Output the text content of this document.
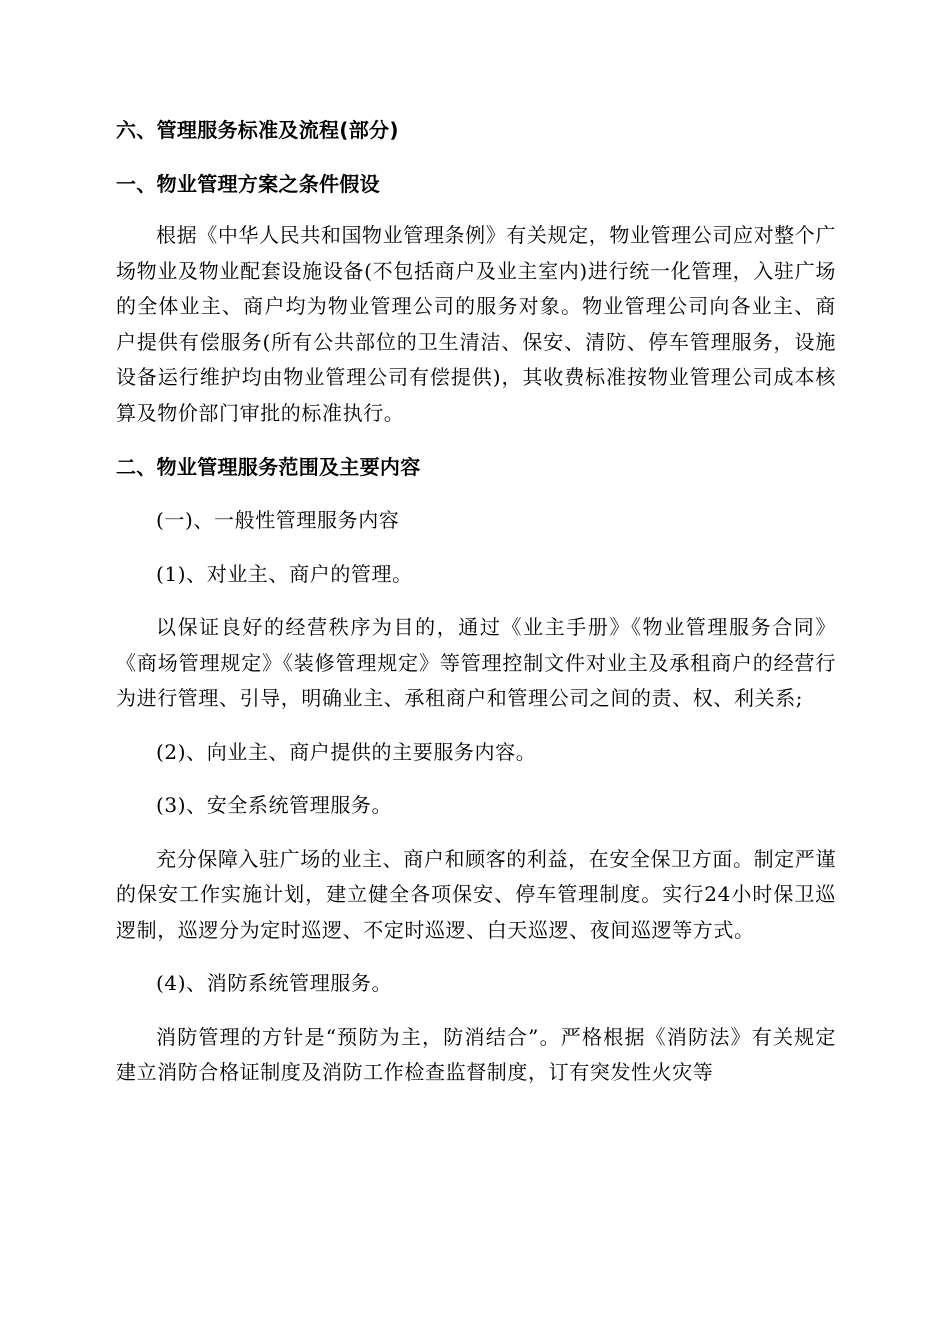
六、管理服务标准及流程(部分)

一、物业管理方案之条件假设

根据《中华人民共和国物业管理条例》有关规定，物业管理公司应对整个广场物业及物业配套设施设备(不包括商户及业主室内)进行统一化管理，入驻广场的全体业主、商户均为物业管理公司的服务对象。物业管理公司向各业主、商户提供有偿服务(所有公共部位的卫生清洁、保安、清防、停车管理服务，设施设备运行维护均由物业管理公司有偿提供)，其收费标准按物业管理公司成本核算及物价部门审批的标准执行。

二、物业管理服务范围及主要内容

(一)、一般性管理服务内容

(1)、对业主、商户的管理。

以保证良好的经营秩序为目的，通过《业主手册》《物业管理服务合同》《商场管理规定》《装修管理规定》等管理控制文件对业主及承租商户的经营行为进行管理、引导，明确业主、承租商户和管理公司之间的责、权、利关系;

(2)、向业主、商户提供的主要服务内容。

(3)、安全系统管理服务。

充分保障入驻广场的业主、商户和顾客的利益，在安全保卫方面。制定严谨的保安工作实施计划，建立健全各项保安、停车管理制度。实行24小时保卫巡逻制，巡逻分为定时巡逻、不定时巡逻、白天巡逻、夜间巡逻等方式。

(4)、消防系统管理服务。

消防管理的方针是“预防为主，防消结合”。严格根据《消防法》有关规定建立消防合格证制度及消防工作检查监督制度，订有突发性火灾等
